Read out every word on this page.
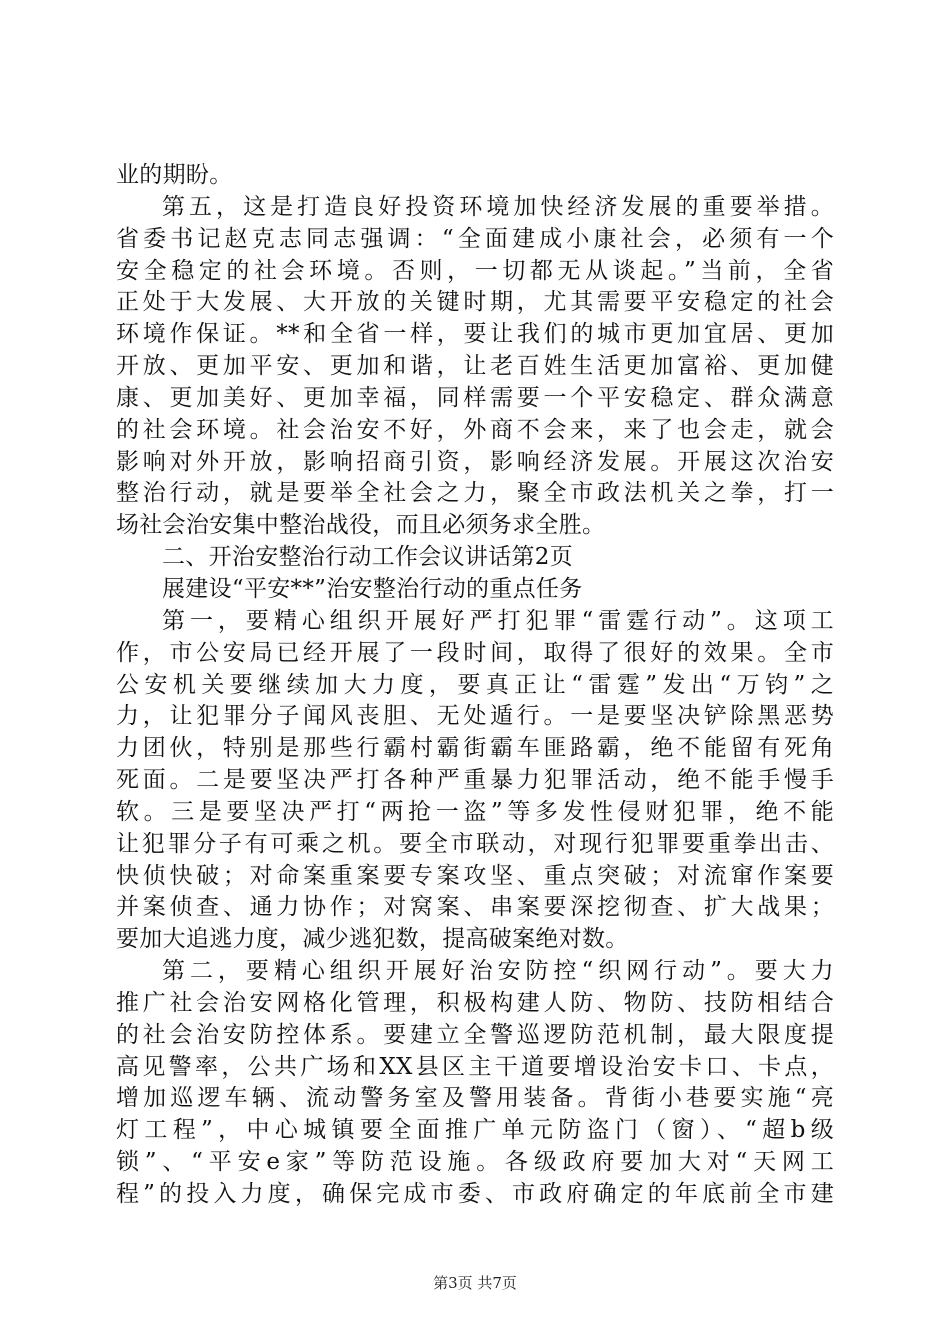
业的期盼。
第五，这是打造良好投资环境加快经济发展的重要举措。
省委书记赵克志同志强调：“全面建成小康社会，必须有一个
安全稳定的社会环境。否则，一切都无从谈起。”当前，全省
正处于大发展、大开放的关键时期，尤其需要平安稳定的社会
环境作保证。**和全省一样，要让我们的城市更加宜居、更加
开放、更加平安、更加和谐，让老百姓生活更加富裕、更加健
康、更加美好、更加幸福，同样需要一个平安稳定、群众满意
的社会环境。社会治安不好，外商不会来，来了也会走，就会
影响对外开放，影响招商引资，影响经济发展。开展这次治安
整治行动，就是要举全社会之力，聚全市政法机关之拳，打一
场社会治安集中整治战役，而且必须务求全胜。
二、开治安整治行动工作会议讲话第2页
展建设“平安**”治安整治行动的重点任务
第一，要精心组织开展好严打犯罪“雷霆行动”。这项工
作，市公安局已经开展了一段时间，取得了很好的效果。全市
公安机关要继续加大力度，要真正让“雷霆”发出“万钧”之
力，让犯罪分子闻风丧胆、无处遁行。一是要坚决铲除黑恶势
力团伙，特别是那些行霸村霸街霸车匪路霸，绝不能留有死角
死面。二是要坚决严打各种严重暴力犯罪活动，绝不能手慢手
软。三是要坚决严打“两抢一盗”等多发性侵财犯罪，绝不能
让犯罪分子有可乘之机。要全市联动，对现行犯罪要重拳出击、
快侦快破；对命案重案要专案攻坚、重点突破；对流窜作案要
并案侦查、通力协作；对窝案、串案要深挖彻查、扩大战果；
要加大追逃力度，减少逃犯数，提高破案绝对数。
第二，要精心组织开展好治安防控“织网行动”。要大力
推广社会治安网格化管理，积极构建人防、物防、技防相结合
的社会治安防控体系。要建立全警巡逻防范机制，最大限度提
高见警率，公共广场和XX县区主干道要增设治安卡口、卡点，
增加巡逻车辆、流动警务室及警用装备。背街小巷要实施“亮
灯工程”，中心城镇要全面推广单元防盗门（窗）、“超b级
锁”、“平安e家”等防范设施。各级政府要加大对“天网工
程”的投入力度，确保完成市委、市政府确定的年底前全市建
第3页 共7页
